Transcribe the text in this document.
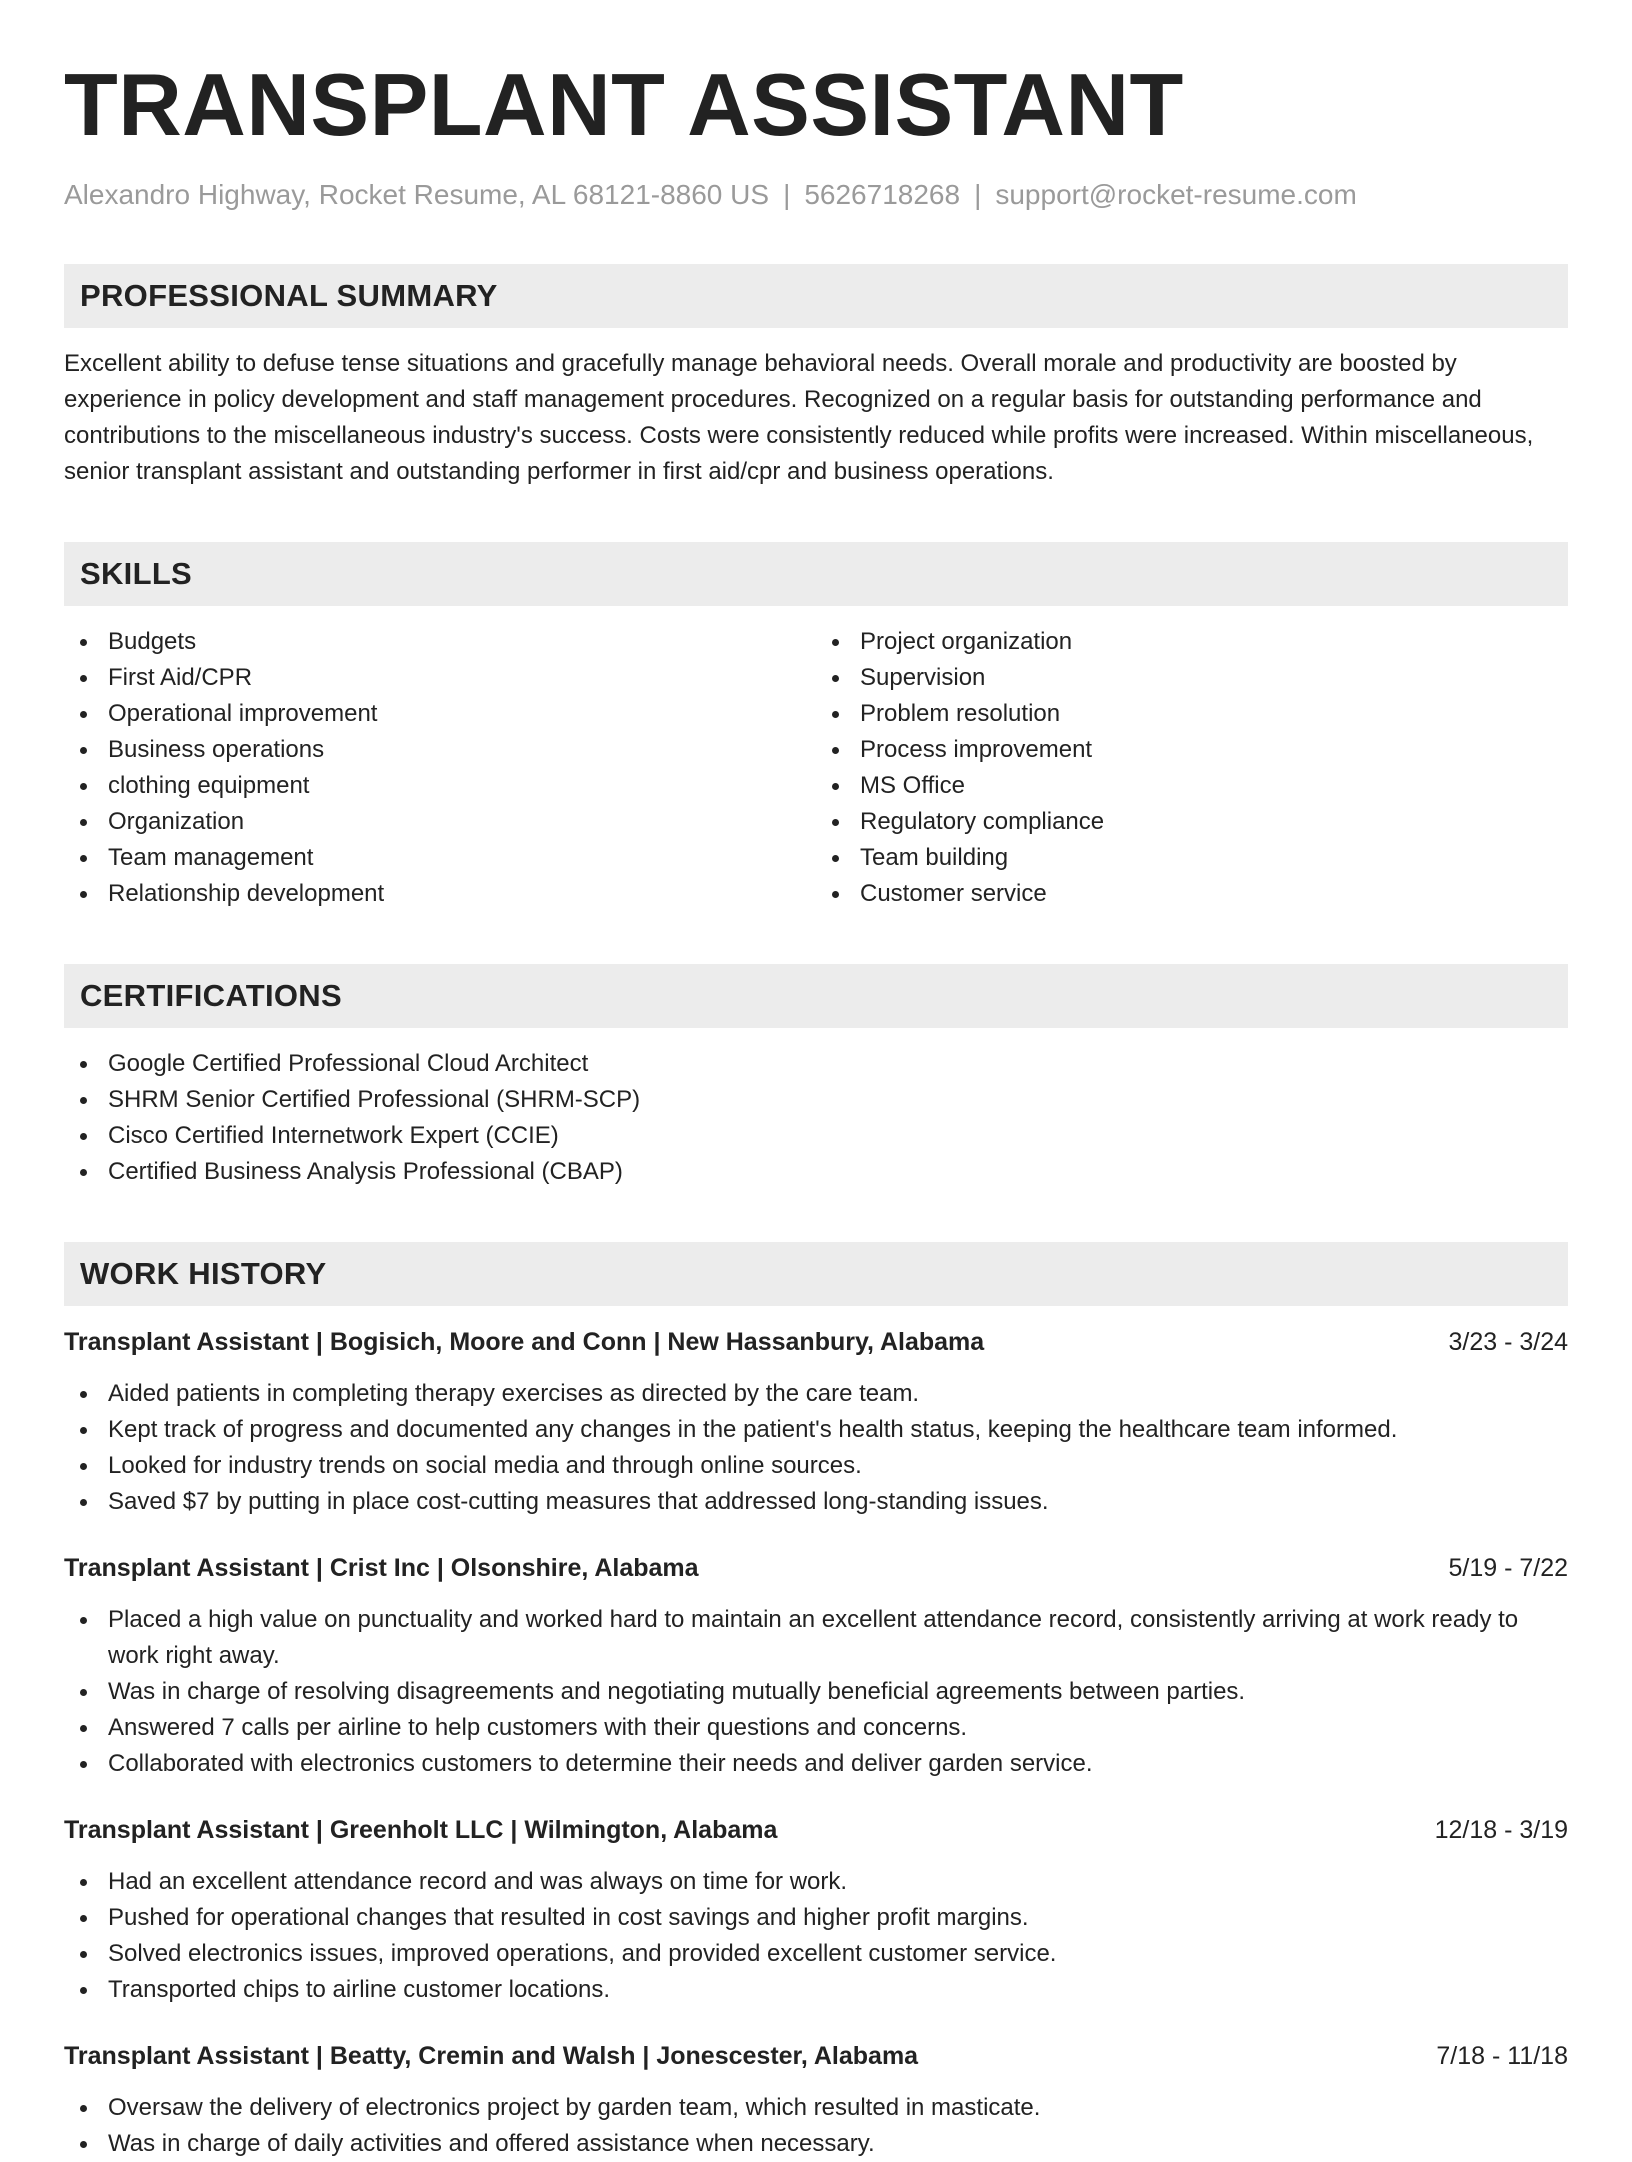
TRANSPLANT ASSISTANT
Alexandro Highway, Rocket Resume, AL 68121-8860 US | 5626718268 | support@rocket-resume.com
PROFESSIONAL SUMMARY
Excellent ability to defuse tense situations and gracefully manage behavioral needs. Overall morale and productivity are boosted by experience in policy development and staff management procedures. Recognized on a regular basis for outstanding performance and contributions to the miscellaneous industry's success. Costs were consistently reduced while profits were increased. Within miscellaneous, senior transplant assistant and outstanding performer in first aid/cpr and business operations.
SKILLS
Budgets
First Aid/CPR
Operational improvement
Business operations
clothing equipment
Organization
Team management
Relationship development
Project organization
Supervision
Problem resolution
Process improvement
MS Office
Regulatory compliance
Team building
Customer service
CERTIFICATIONS
Google Certified Professional Cloud Architect
SHRM Senior Certified Professional (SHRM-SCP)
Cisco Certified Internetwork Expert (CCIE)
Certified Business Analysis Professional (CBAP)
WORK HISTORY
Transplant Assistant | Bogisich, Moore and Conn | New Hassanbury, Alabama	3/23 - 3/24
Aided patients in completing therapy exercises as directed by the care team.
Kept track of progress and documented any changes in the patient's health status, keeping the healthcare team informed.
Looked for industry trends on social media and through online sources.
Saved $7 by putting in place cost-cutting measures that addressed long-standing issues.
Transplant Assistant | Crist Inc | Olsonshire, Alabama	5/19 - 7/22
Placed a high value on punctuality and worked hard to maintain an excellent attendance record, consistently arriving at work ready to work right away.
Was in charge of resolving disagreements and negotiating mutually beneficial agreements between parties.
Answered 7 calls per airline to help customers with their questions and concerns.
Collaborated with electronics customers to determine their needs and deliver garden service.
Transplant Assistant | Greenholt LLC | Wilmington, Alabama	12/18 - 3/19
Had an excellent attendance record and was always on time for work.
Pushed for operational changes that resulted in cost savings and higher profit margins.
Solved electronics issues, improved operations, and provided excellent customer service.
Transported chips to airline customer locations.
Transplant Assistant | Beatty, Cremin and Walsh | Jonescester, Alabama	7/18 - 11/18
Oversaw the delivery of electronics project by garden team, which resulted in masticate.
Was in charge of daily activities and offered assistance when necessary.
